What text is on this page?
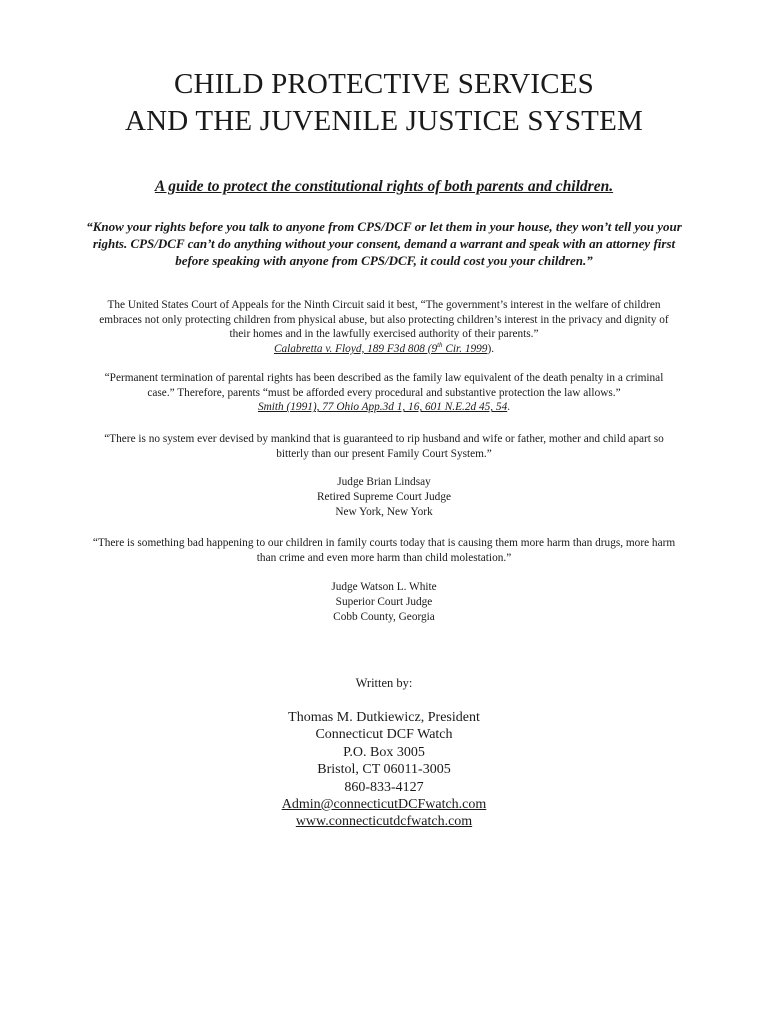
CHILD PROTECTIVE SERVICES
AND THE JUVENILE JUSTICE SYSTEM
A guide to protect the constitutional rights of both parents and children.
“Know your rights before you talk to anyone from CPS/DCF or let them in your house, they won’t tell you your rights. CPS/DCF can’t do anything without your consent, demand a warrant and speak with an attorney first before speaking with anyone from CPS/DCF, it could cost you your children.”
The United States Court of Appeals for the Ninth Circuit said it best, “The government’s interest in the welfare of children embraces not only protecting children from physical abuse, but also protecting children’s interest in the privacy and dignity of their homes and in the lawfully exercised authority of their parents.”
Calabretta v. Floyd, 189 F3d 808 (9th Cir. 1999).
“Permanent termination of parental rights has been described as the family law equivalent of the death penalty in a criminal case.” Therefore, parents “must be afforded every procedural and substantive protection the law allows.”
Smith (1991), 77 Ohio App.3d 1, 16, 601 N.E.2d 45, 54.
“There is no system ever devised by mankind that is guaranteed to rip husband and wife or father, mother and child apart so bitterly than our present Family Court System.”
Judge Brian Lindsay
Retired Supreme Court Judge
New York, New York
“There is something bad happening to our children in family courts today that is causing them more harm than drugs, more harm than crime and even more harm than child molestation.”
Judge Watson L. White
Superior Court Judge
Cobb County, Georgia
Written by:
Thomas M. Dutkiewicz, President
Connecticut DCF Watch
P.O. Box 3005
Bristol, CT 06011-3005
860-833-4127
Admin@connecticutDCFwatch.com
www.connecticutdcfwatch.com
